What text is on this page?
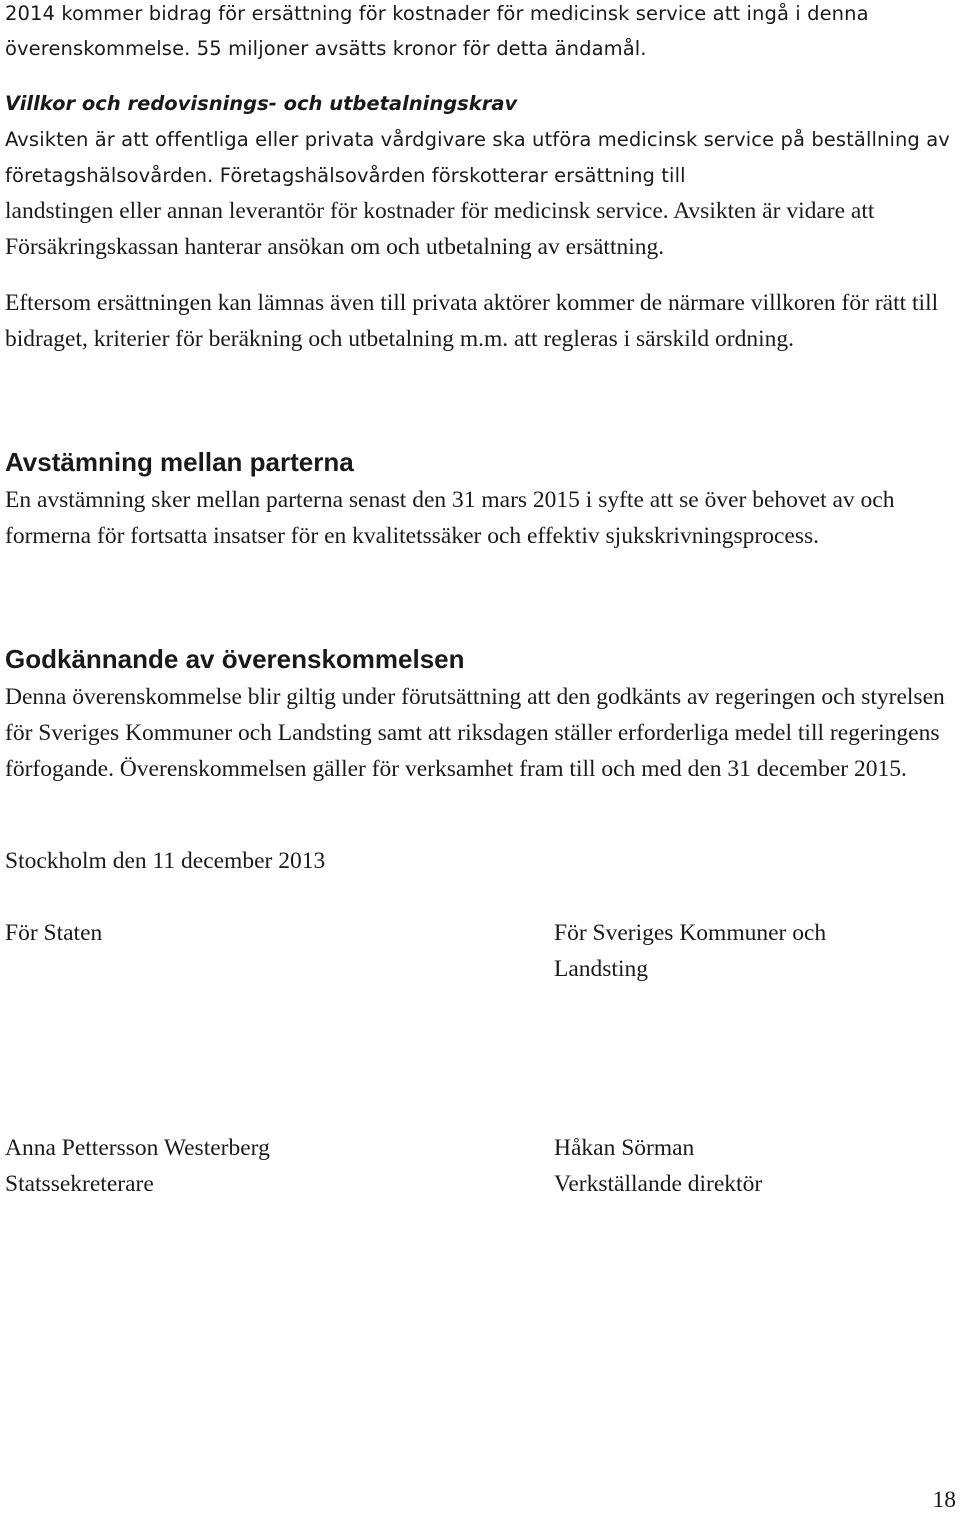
2014 kommer bidrag för ersättning för kostnader för medicinsk service att ingå i denna överenskommelse. 55 miljoner avsätts kronor för detta ändamål.

Villkor och redovisnings- och utbetalningskrav
Avsikten är att offentliga eller privata vårdgivare ska utföra medicinsk service på beställning av företagshälsovården. Företagshälsovården förskotterar ersättning till
landstingen eller annan leverantör för kostnader för medicinsk service. Avsikten är vidare att Försäkringskassan hanterar ansökan om och utbetalning av ersättning.

Eftersom ersättningen kan lämnas även till privata aktörer kommer de närmare villkoren för rätt till bidraget, kriterier för beräkning och utbetalning m.m. att regleras i särskild ordning.

Avstämning mellan parterna

En avstämning sker mellan parterna senast den 31 mars 2015 i syfte att se över behovet av och formerna för fortsatta insatser för en kvalitetssäker och effektiv sjukskrivningsprocess.

Godkännande av överenskommelsen

Denna överenskommelse blir giltig under förutsättning att den godkänts av regeringen och styrelsen för Sveriges Kommuner och Landsting samt att riksdagen ställer erforderliga medel till regeringens förfogande. Överenskommelsen gäller för verksamhet fram till och med den 31 december 2015.

Stockholm den 11 december 2013

För Staten	För Sveriges Kommuner och
Landsting
Anna Pettersson Westerberg
Statssekreterare
Håkan Sörman
Verkställande direktör
18
